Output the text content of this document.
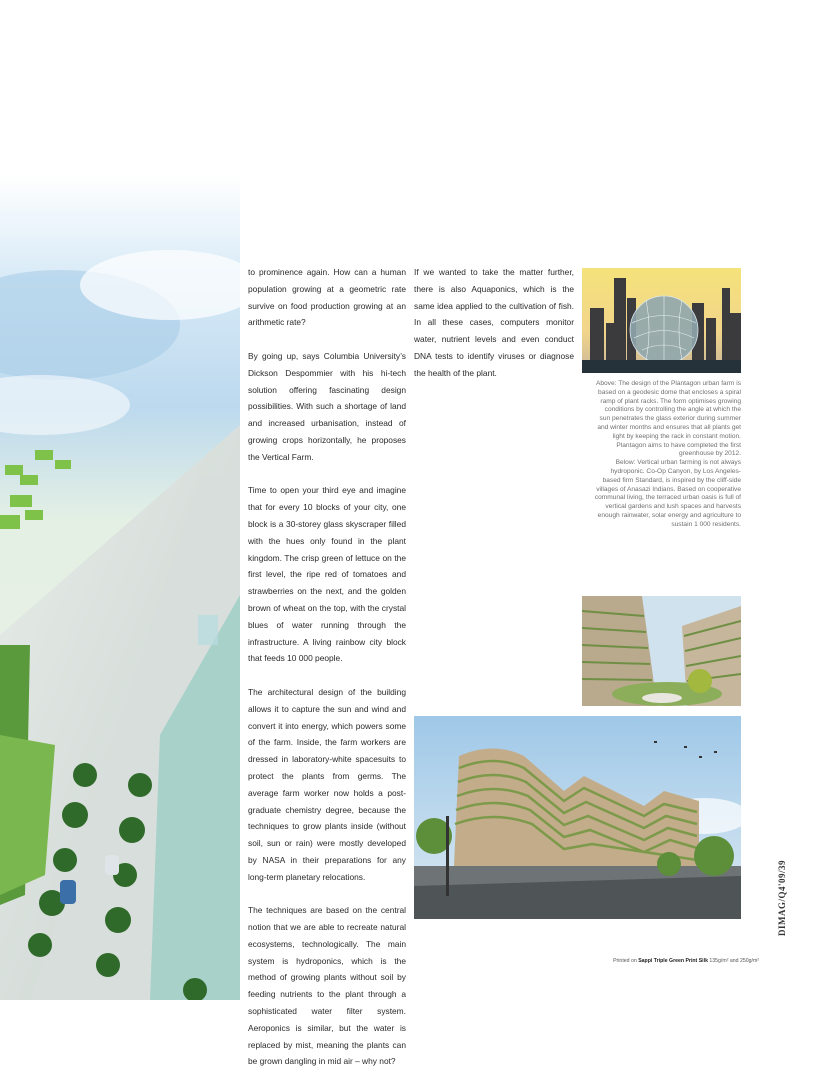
to prominence again. How can a human population growing at a geometric rate survive on food production growing at an arithmetic rate?

By going up, says Columbia University’s Dickson Despommier with his hi-tech solution offering fascinating design possibilities. With such a shortage of land and increased urbanisation, instead of growing crops horizontally, he proposes the Vertical Farm.

Time to open your third eye and imagine that for every 10 blocks of your city, one block is a 30-storey glass skyscraper filled with the hues only found in the plant kingdom. The crisp green of lettuce on the first level, the ripe red of tomatoes and strawberries on the next, and the golden brown of wheat on the top, with the crystal blues of water running through the infrastructure. A living rainbow city block that feeds 10 000 people.

The architectural design of the building allows it to capture the sun and wind and convert it into energy, which powers some of the farm. Inside, the farm workers are dressed in laboratory-white spacesuits to protect the plants from germs. The average farm worker now holds a post-graduate chemistry degree, because the techniques to grow plants inside (without soil, sun or rain) were mostly developed by NASA in their preparations for any long-term planetary relocations.

The techniques are based on the central notion that we are able to recreate natural ecosystems, technologically. The main system is hydroponics, which is the method of growing plants without soil by feeding nutrients to the plant through a sophisticated water filter system. Aeroponics is similar, but the water is replaced by mist, meaning the plants can be grown dangling in mid air – why not?

If we wanted to take the matter further, there is also Aquaponics, which is the same idea applied to the cultivation of fish. In all these cases, computers monitor water, nutrient levels and even conduct DNA tests to identify viruses or diagnose the health of the plant.

Above: The design of the Plantagon urban farm is based on a geodesic dome that encloses a spiral ramp of plant racks. The form optimises growing conditions by controlling the angle at which the sun penetrates the glass exterior during summer and winter months and ensures that all plants get light by keeping the rack in constant motion. Plantagon aims to have completed the first greenhouse by 2012.

Below: Vertical urban farming is not always hydroponic. Co-Op Canyon, by Los Angeles-based firm Standard, is inspired by the cliff-side villages of Anasazi Indians. Based on cooperative communal living, the terraced urban oasis is full of vertical gardens and lush spaces and harvests enough rainwater, solar energy and agriculture to sustain 1 000 residents.

DIMAG/Q4'09/39
Printed on Sappi Triple Green Print Silk 135g/m² and 250g/m²
